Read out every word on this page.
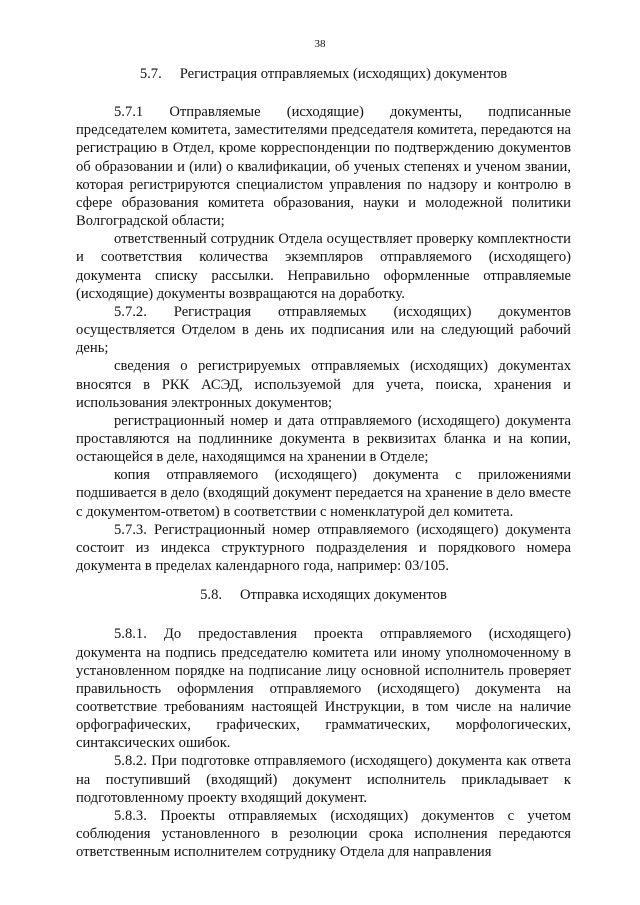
38

5.7. Регистрация отправляемых (исходящих) документов

5.7.1 Отправляемые (исходящие) документы, подписанные председателем комитета, заместителями председателя комитета, передаются на регистрацию в Отдел, кроме корреспонденции по подтверждению документов об образовании и (или) о квалификации, об ученых степенях и ученом звании, которая регистрируются специалистом управления по надзору и контролю в сфере образования комитета образования, науки и молодежной политики Волгоградской области;

ответственный сотрудник Отдела осуществляет проверку комплектности и соответствия количества экземпляров отправляемого (исходящего) документа списку рассылки. Неправильно оформленные отправляемые (исходящие) документы возвращаются на доработку.

5.7.2. Регистрация отправляемых (исходящих) документов осуществляется Отделом в день их подписания или на следующий рабочий день;

сведения о регистрируемых отправляемых (исходящих) документах вносятся в РКК АСЭД, используемой для учета, поиска, хранения и использования электронных документов;

регистрационный номер и дата отправляемого (исходящего) документа проставляются на подлиннике документа в реквизитах бланка и на копии, остающейся в деле, находящимся на хранении в Отделе;

копия отправляемого (исходящего) документа с приложениями подшивается в дело (входящий документ передается на хранение в дело вместе с документом-ответом) в соответствии с номенклатурой дел комитета.

5.7.3. Регистрационный номер отправляемого (исходящего) документа состоит из индекса структурного подразделения и порядкового номера документа в пределах календарного года, например: 03/105.

5.8. Отправка исходящих документов

5.8.1. До предоставления проекта отправляемого (исходящего) документа на подпись председателю комитета или иному уполномоченному в установленном порядке на подписание лицу основной исполнитель проверяет правильность оформления отправляемого (исходящего) документа на соответствие требованиям настоящей Инструкции, в том числе на наличие орфографических, графических, грамматических, морфологических, синтаксических ошибок.

5.8.2. При подготовке отправляемого (исходящего) документа как ответа на поступивший (входящий) документ исполнитель прикладывает к подготовленному проекту входящий документ.

5.8.3. Проекты отправляемых (исходящих) документов с учетом соблюдения установленного в резолюции срока исполнения передаются ответственным исполнителем сотруднику Отдела для направления
